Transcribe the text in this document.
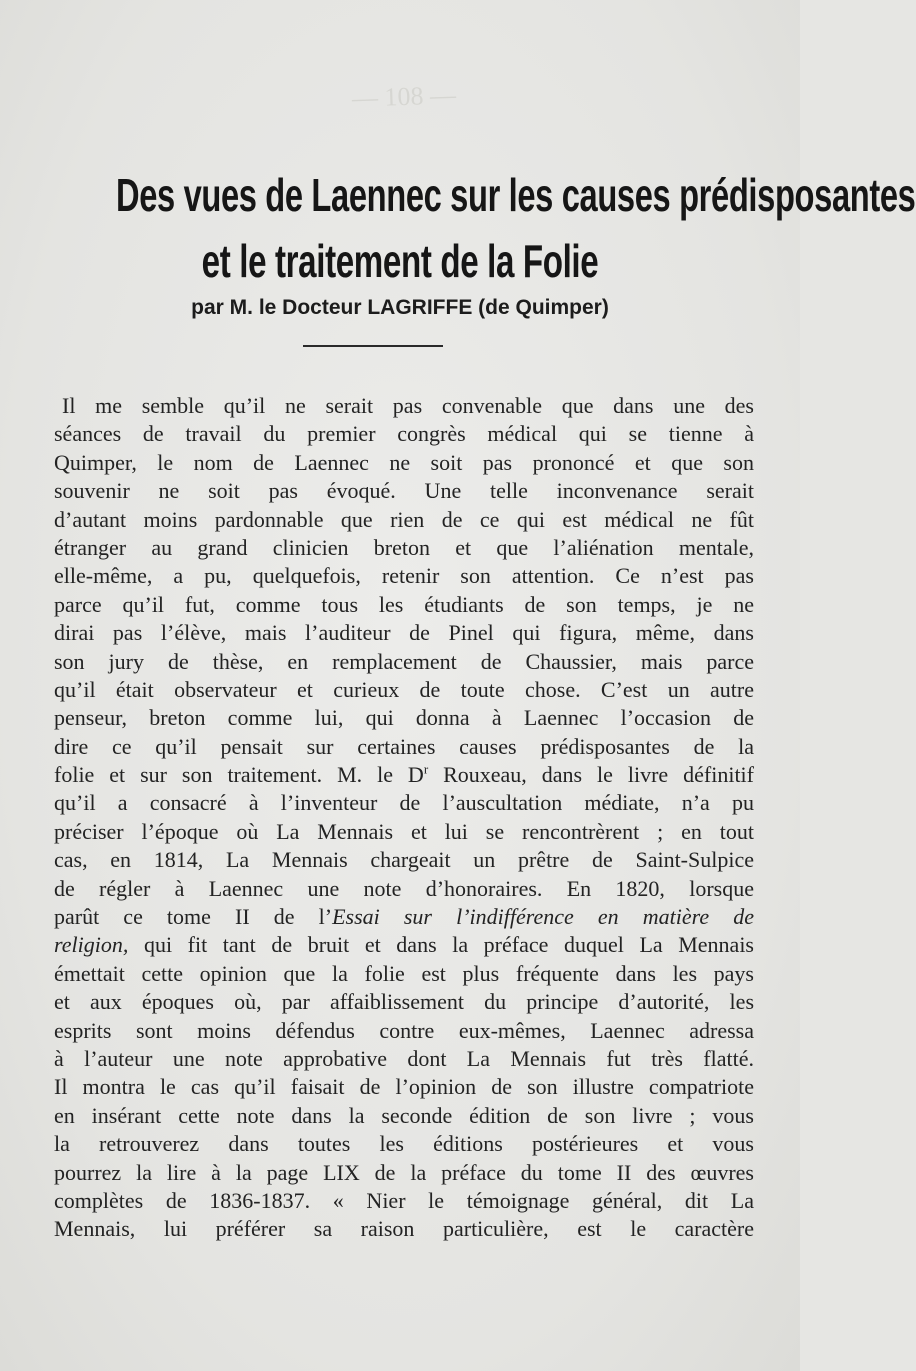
— 108 —
Des vues de Laennec sur les causes prédisposantes
et le traitement de la Folie
par M. le Docteur LAGRIFFE (de Quimper)
Il me semble qu’il ne serait pas convenable que dans une des
séances de travail du premier congrès médical qui se tienne à
Quimper, le nom de Laennec ne soit pas prononcé et que son
souvenir ne soit pas évoqué. Une telle inconvenance serait
d’autant moins pardonnable que rien de ce qui est médical ne fût
étranger au grand clinicien breton et que l’aliénation mentale,
elle-même, a pu, quelquefois, retenir son attention. Ce n’est pas
parce qu’il fut, comme tous les étudiants de son temps, je ne
dirai pas l’élève, mais l’auditeur de Pinel qui figura, même, dans
son jury de thèse, en remplacement de Chaussier, mais parce
qu’il était observateur et curieux de toute chose. C’est un autre
penseur, breton comme lui, qui donna à Laennec l’occasion de
dire ce qu’il pensait sur certaines causes prédisposantes de la
folie et sur son traitement. M. le $D^r$ Rouxeau, dans le livre définitif
qu’il a consacré à l’inventeur de l’auscultation médiate, n’a pu
préciser l’époque où La Mennais et lui se rencontrèrent ; en tout
cas, en 1814, La Mennais chargeait un prêtre de Saint-Sulpice
de régler à Laennec une note d’honoraires. En 1820, lorsque
parût ce tome II de l’Essai sur l’indifférence en matière de
religion, qui fit tant de bruit et dans la préface duquel La Mennais
émettait cette opinion que la folie est plus fréquente dans les pays
et aux époques où, par affaiblissement du principe d’autorité, les
esprits sont moins défendus contre eux-mêmes, Laennec adressa
à l’auteur une note approbative dont La Mennais fut très flatté.
Il montra le cas qu’il faisait de l’opinion de son illustre compatriote
en insérant cette note dans la seconde édition de son livre ; vous
la retrouverez dans toutes les éditions postérieures et vous
pourrez la lire à la page LIX de la préface du tome II des œuvres
complètes de 1836-1837. « Nier le témoignage général, dit La
Mennais, lui préférer sa raison particulière, est le caractère
